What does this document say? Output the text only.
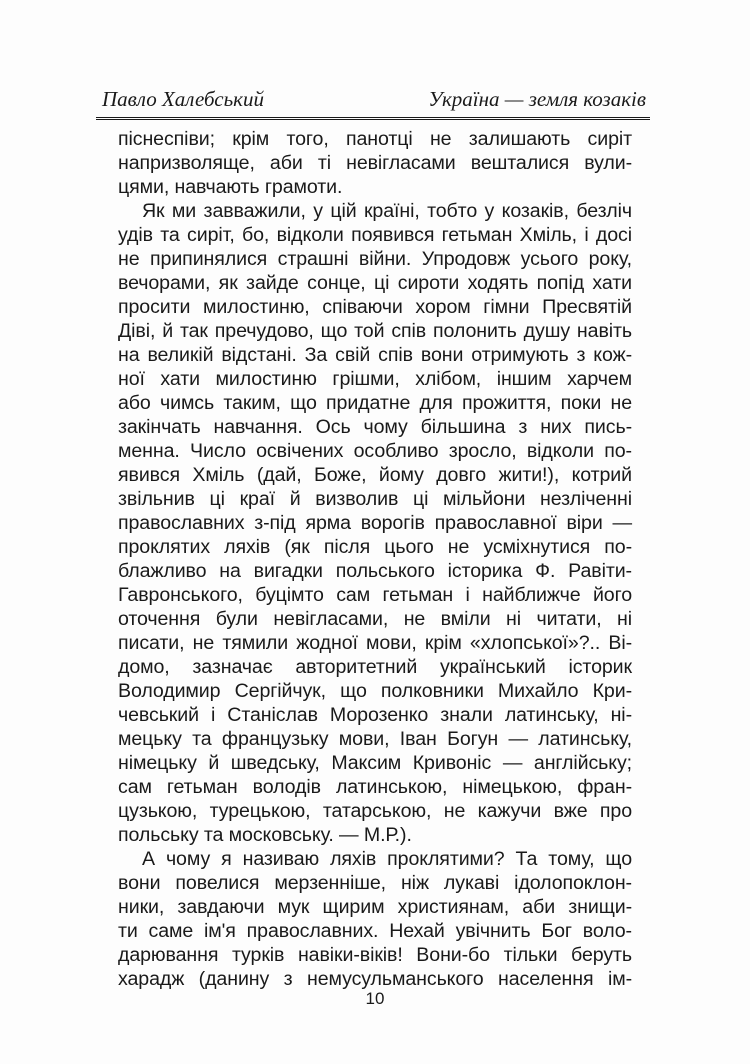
Павло Халебський	Україна — земля козаків

піснеспіви; крім того, панотці не залишають сиріт
напризволяще, аби ті невігласами вешталися вули-
цями, навчають грамоти.

Як ми завважили, у цій країні, тобто у козаків, безліч
удів та сиріт, бо, відколи появився гетьман Хміль, і досі
не припинялися страшні війни. Упродовж усього року,
вечорами, як зайде сонце, ці сироти ходять попід хати
просити милостиню, співаючи хором гімни Пресвятій
Діві, й так пречудово, що той спів полонить душу навіть
на великій відстані. За свій спів вони отримують з кож-
ної хати милостиню грішми, хлібом, іншим харчем
або чимсь таким, що придатне для прожиття, поки не
закінчать навчання. Ось чому більшина з них пись-
менна. Число освічених особливо зросло, відколи по-
явився Хміль (дай, Боже, йому довго жити!), котрий
звільнив ці краї й визволив ці мільйони незліченні
православних з-під ярма ворогів православної віри —
проклятих ляхів (як після цього не усміхнутися по-
блажливо на вигадки польського історика Ф. Равіти-
Гавронського, буцімто сам гетьман і найближче його
оточення були невігласами, не вміли ні читати, ні
писати, не тямили жодної мови, крім «хлопської»?.. Ві-
домо, зазначає авторитетний український історик
Володимир Сергійчук, що полковники Михайло Кри-
чевський і Станіслав Морозенко знали латинську, ні-
мецьку та французьку мови, Іван Богун — латинську,
німецьку й шведську, Максим Кривоніс — англійську;
сам гетьман володів латинською, німецькою, фран-
цузькою, турецькою, татарською, не кажучи вже про
польську та московську. — М.Р.).

А чому я називаю ляхів проклятими? Та тому, що
вони повелися мерзенніше, ніж лукаві ідолопоклон-
ники, завдаючи мук щирим християнам, аби знищи-
ти саме ім'я православних. Нехай увічнить Бог воло-
дарювання турків навіки-віків! Вони-бо тільки беруть
харадж (данину з немусульманського населення ім-

10
